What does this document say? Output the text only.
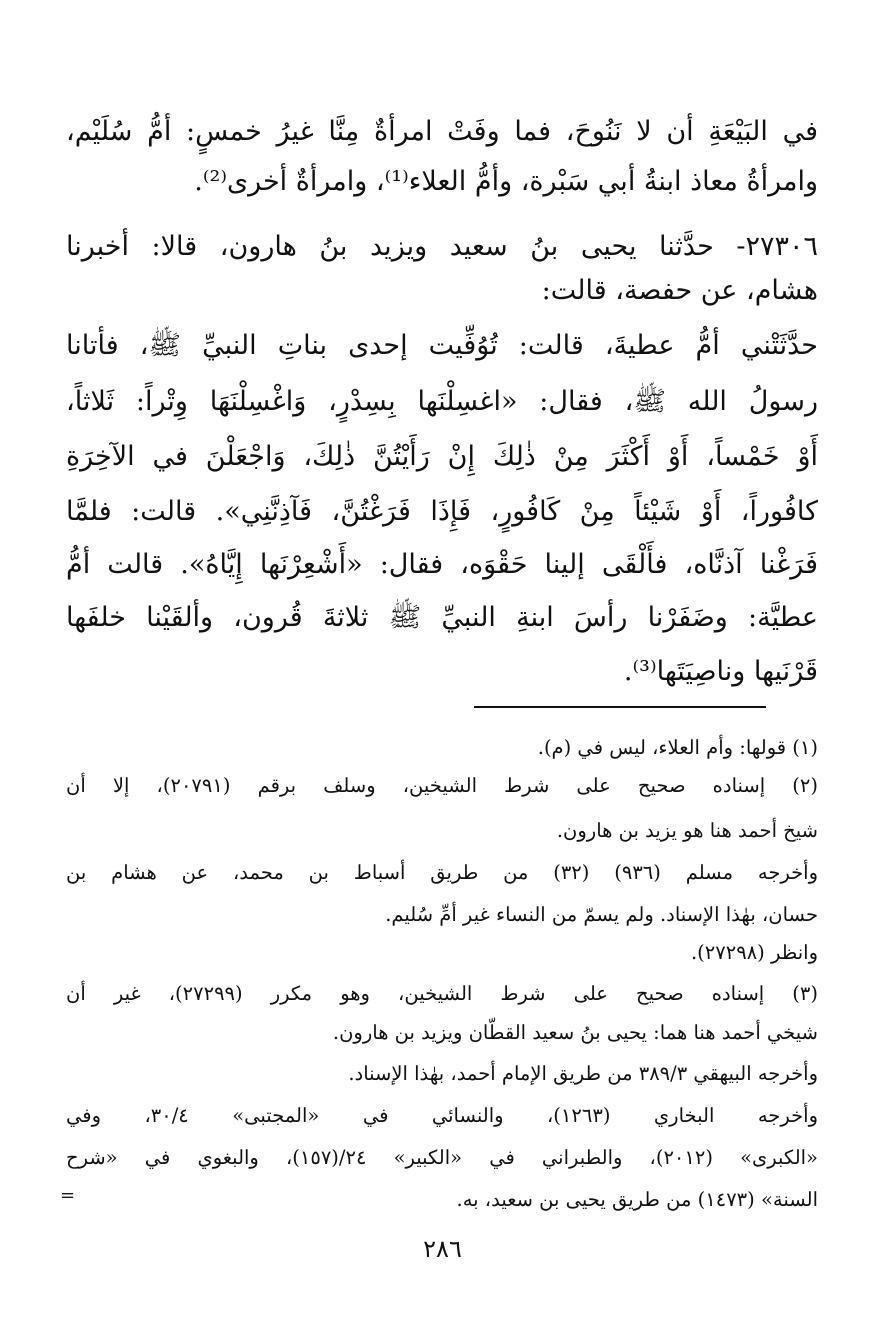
في البَيْعَةِ أن لا نَنُوحَ، فما وفَتْ امرأةٌ مِنَّا غيرُ خمسٍ: أمُّ سُلَيْم،
وامرأةُ معاذ ابنةُ أبي سَبْرة، وأمُّ العلاء⁽¹⁾، وامرأةٌ أخرى⁽²⁾.
٢٧٣٠٦- حدَّثنا يحيى بنُ سعيد ويزيد بنُ هارون، قالا: أخبرنا
هشام، عن حفصة، قالت:
حدَّثَتْني أمُّ عطيةَ، قالت: تُوُفِّيت إحدى بناتِ النبيِّ ﷺ، فأتانا
رسولُ الله ﷺ، فقال: «اغسِلْنَها بِسِدْرٍ، وَاغْسِلْنَهَا وِتْراً: ثَلاثاً،
أَوْ خَمْساً، أَوْ أَكْثَرَ مِنْ ذٰلِكَ إِنْ رَأَيْتُنَّ ذٰلِكَ، وَاجْعَلْنَ في الآخِرَةِ
كافُوراً، أَوْ شَيْئاً مِنْ كَافُورٍ، فَإِذَا فَرَغْتُنَّ، فَآذِنَّنِي». قالت: فلمَّا
فَرَغْنا آذنَّاه، فأَلْقَى إلينا حَقْوَه، فقال: «أَشْعِرْنَها إِيَّاهُ». قالت أمُّ
عطيَّة: وضَفَرْنا رأسَ ابنةِ النبيِّ ﷺ ثلاثةَ قُرون، وألقَيْنا خلفَها
قَرْنَيها وناصِيَتَها⁽³⁾.
(١) قولها: وأم العلاء، ليس في (م).
(٢) إسناده صحيح على شرط الشيخين، وسلف برقم (٢٠٧٩١)، إلا أن
شيخ أحمد هنا هو يزيد بن هارون.
وأخرجه مسلم (٩٣٦) (٣٢) من طريق أسباط بن محمد، عن هشام بن
حسان، بهٰذا الإسناد. ولم يسمّ من النساء غير أمِّ سُليم.
وانظر (٢٧٢٩٨).
(٣) إسناده صحيح على شرط الشيخين، وهو مكرر (٢٧٢٩٩)، غير أن
شيخي أحمد هنا هما: يحيى بنُ سعيد القطّان ويزيد بن هارون.
وأخرجه البيهقي ٣٨٩/٣ من طريق الإمام أحمد، بهٰذا الإسناد.
وأخرجه البخاري (١٢٦٣)، والنسائي في «المجتبى» ٣٠/٤، وفي
«الكبرى» (٢٠١٢)، والطبراني في «الكبير» ٢٤/(١٥٧)، والبغوي في «شرح
السنة» (١٤٧٣) من طريق يحيى بن سعيد، به.
=
٢٨٦
